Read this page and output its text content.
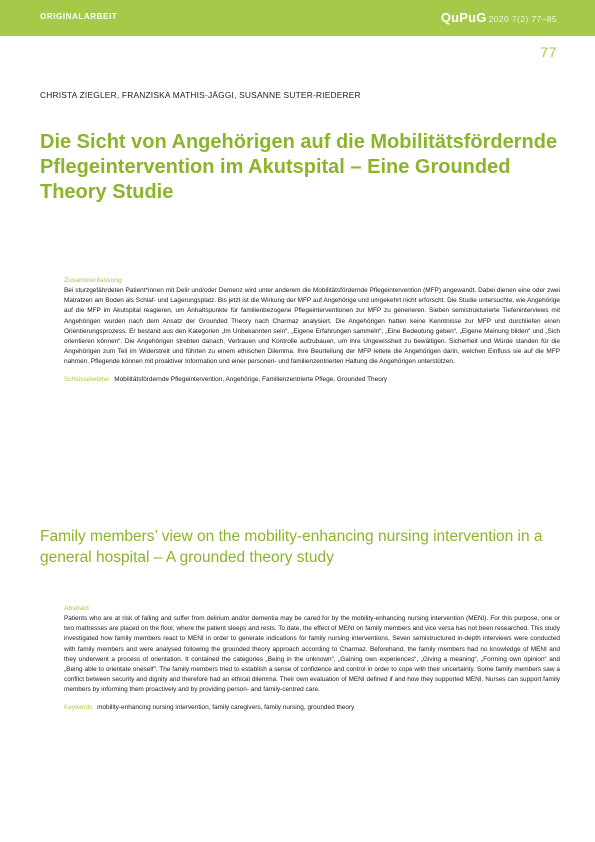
ORIGINALARBEIT	QuPuG 2020 7(2) 77–85
77
CHRISTA ZIEGLER, FRANZISKA MATHIS-JÄGGI, SUSANNE SUTER-RIEDERER
Die Sicht von Angehörigen auf die Mobilitätsfördernde Pflegeintervention im Akutspital – Eine Grounded Theory Studie
Zusammenfassung

Bei sturzgefährdeten Patient*innen mit Delir und/oder Demenz wird unter anderem die Mobilitätsfördernde Pflegeintervention (MFP) angewandt. Dabei dienen eine oder zwei Matratzen am Boden als Schlaf- und Lagerungsplatz. Bis jetzt ist die Wirkung der MFP auf Angehörige und umgekehrt nicht erforscht. Die Studie untersuchte, wie Angehörige auf die MFP im Akutspital reagieren, um Anhaltspunkte für familienbezogene Pflegeinterventionen zur MFP zu generieren. Sieben semistrukturierte Tiefeninterviews mit Angehörigen wurden nach dem Ansatz der Grounded Theory nach Charmaz analysiert. Die Angehörigen hatten keine Kenntnisse zur MFP und durchliefen einen Orientierungsprozess. Er bestand aus den Kategorien „Im Unbekannten sein“, „Eigene Erfahrungen sammeln“, „Eine Bedeutung geben“, „Eigene Meinung bilden“ und „Sich orientieren können“. Die Angehörigen strebten danach, Vertrauen und Kontrolle aufzubauen, um ihre Ungewissheit zu bewältigen. Sicherheit und Würde standen für die Angehörigen zum Teil im Widerstreit und führten zu einem ethischen Dilemma. Ihre Beurteilung der MFP leitete die Angehörigen darin, welchen Einfluss sie auf die MFP nahmen. Pflegende können mit proaktiver Information und einer personen- und familienzentrierten Haltung die Angehörigen unterstützen.

Schlüsselwörter Mobilitätsfördernde Pflegeintervention, Angehörige, Familienzentrierte Pflege, Grounded Theory

Family members’ view on the mobility-enhancing nursing intervention in a general hospital – A grounded theory study
Abstract

Patients who are at risk of falling and suffer from delirium and/or dementia may be cared for by the mobility-enhancing nursing intervention (MENI). For this purpose, one or two mattresses are placed on the floor, where the patient sleeps and rests. To date, the effect of MENI on family members and vice versa has not been researched. This study investigated how family members react to MENI in order to generate indications for family nursing interventions. Seven semistructured in-depth interviews were conducted with family members and were analysed following the grounded theory approach according to Charmaz. Beforehand, the family members had no knowledge of MENI and they underwent a process of orientation. It contained the categories „Being in the unknown“, „Gaining own experiences“, „Giving a meaning“, „Forming own opinion“ and „Being able to orientate oneself“. The family members tried to establish a sense of confidence and control in order to cope with their uncertainty. Some family members saw a conflict between security and dignity and therefore had an ethical dilemma. Their own evaluation of MENI defined if and how they supported MENI. Nurses can support family members by informing them proactively and by providing person- and family-centred care.

Keywords mobility-enhancing nursing intervention, family caregivers, family nursing, grounded theory
